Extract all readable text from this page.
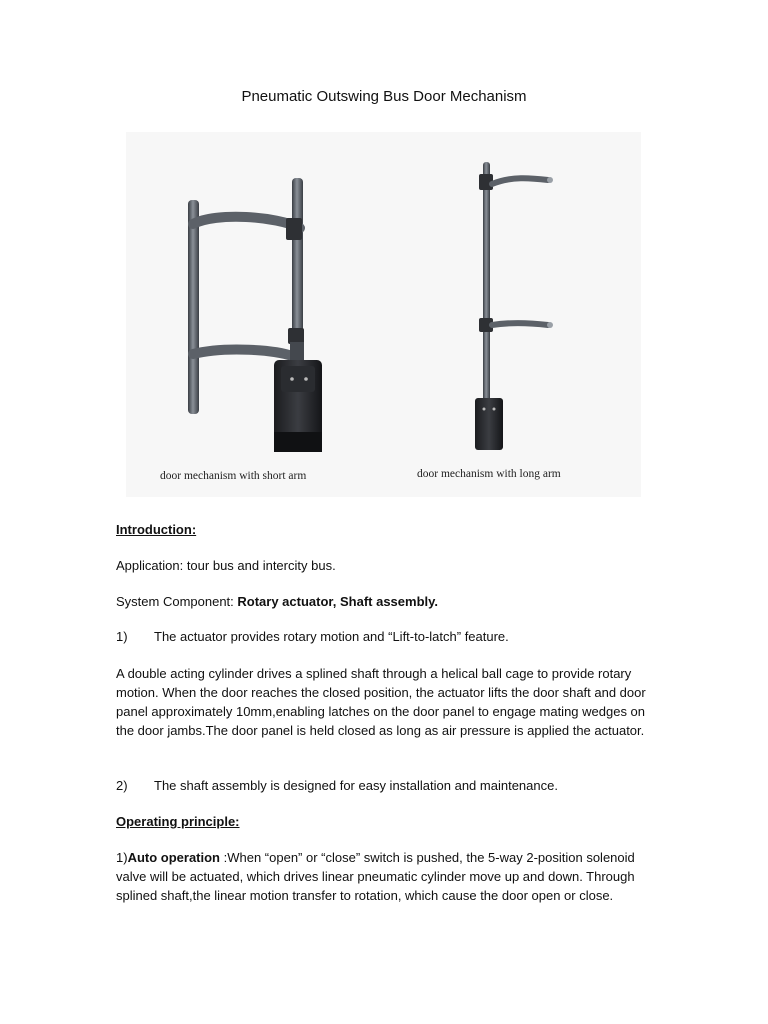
Pneumatic Outswing Bus Door Mechanism
door mechanism with short arm	door mechanism with long arm
Introduction:
Application: tour bus and intercity bus.
System Component: Rotary actuator, Shaft assembly.
1) The actuator provides rotary motion and “Lift-to-latch” feature.
A double acting cylinder drives a splined shaft through a helical ball cage to provide rotary motion. When the door reaches the closed position, the actuator lifts the door shaft and door panel approximately 10mm,enabling latches on the door panel to engage mating wedges on the door jambs.The door panel is held closed as long as air pressure is applied the actuator.
2) The shaft assembly is designed for easy installation and maintenance.
Operating principle:
1)Auto operation :When “open” or “close” switch is pushed, the 5-way 2-position solenoid valve will be actuated, which drives linear pneumatic cylinder move up and down. Through splined shaft,the linear motion transfer to rotation, which cause the door open or close.
